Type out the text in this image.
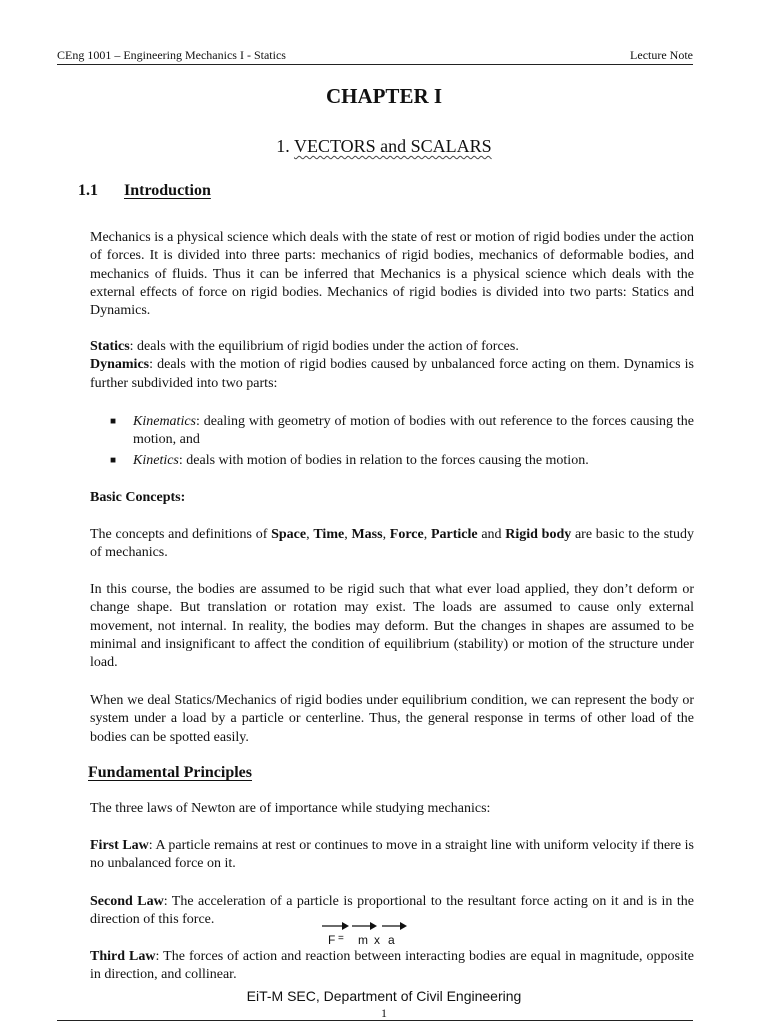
CEng 1001 – Engineering Mechanics I - Statics	Lecture Note
CHAPTER I
1. VECTORS and SCALARS
1.1 Introduction
Mechanics is a physical science which deals with the state of rest or motion of rigid bodies under the action of forces. It is divided into three parts: mechanics of rigid bodies, mechanics of deformable bodies, and mechanics of fluids. Thus it can be inferred that Mechanics is a physical science which deals with the external effects of force on rigid bodies. Mechanics of rigid bodies is divided into two parts: Statics and Dynamics.
Statics: deals with the equilibrium of rigid bodies under the action of forces.
Dynamics: deals with the motion of rigid bodies caused by unbalanced force acting on them. Dynamics is further subdivided into two parts:
■ Kinematics: dealing with geometry of motion of bodies with out reference to the forces causing the motion, and
■ Kinetics: deals with motion of bodies in relation to the forces causing the motion.
Basic Concepts:
The concepts and definitions of Space, Time, Mass, Force, Particle and Rigid body are basic to the study of mechanics.
In this course, the bodies are assumed to be rigid such that what ever load applied, they don’t deform or change shape. But translation or rotation may exist. The loads are assumed to cause only external movement, not internal. In reality, the bodies may deform. But the changes in shapes are assumed to be minimal and insignificant to affect the condition of equilibrium (stability) or motion of the structure under load.
When we deal Statics/Mechanics of rigid bodies under equilibrium condition, we can represent the body or system under a load by a particle or centerline. Thus, the general response in terms of other load of the bodies can be spotted easily.
Fundamental Principles
The three laws of Newton are of importance while studying mechanics:
First Law: A particle remains at rest or continues to move in a straight line with uniform velocity if there is no unbalanced force on it.
Second Law: The acceleration of a particle is proportional to the resultant force acting on it and is in the direction of this force.
F = m x a
Third Law: The forces of action and reaction between interacting bodies are equal in magnitude, opposite in direction, and collinear.
EiT-M SEC, Department of Civil Engineering
1
